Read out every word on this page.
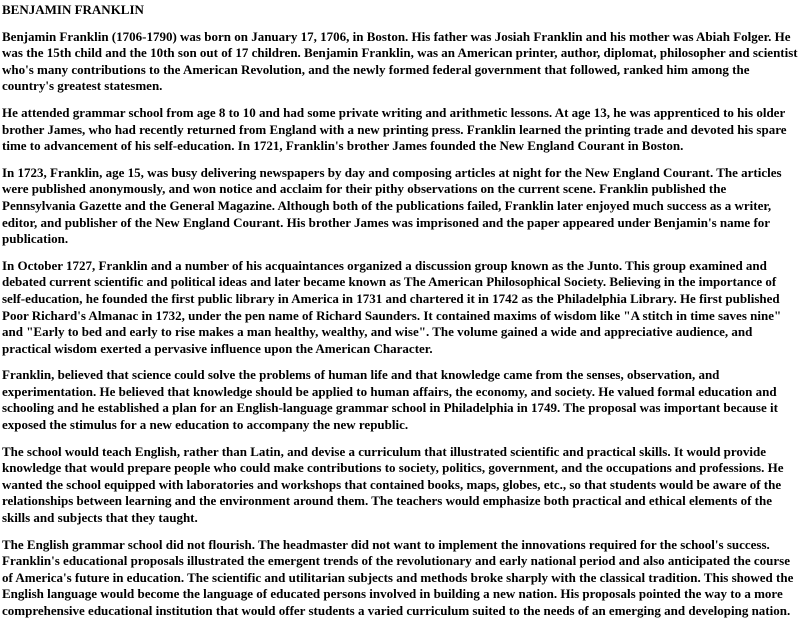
BENJAMIN FRANKLIN

Benjamin Franklin (1706-1790) was born on January 17, 1706, in Boston. His father was Josiah Franklin and his mother was Abiah Folger. He was the 15th child and the 10th son out of 17 children. Benjamin Franklin, was an American printer, author, diplomat, philosopher and scientist who's many contributions to the American Revolution, and the newly formed federal government that followed, ranked him among the country's greatest statesmen.

He attended grammar school from age 8 to 10 and had some private writing and arithmetic lessons. At age 13, he was apprenticed to his older brother James, who had recently returned from England with a new printing press. Franklin learned the printing trade and devoted his spare time to advancement of his self-education. In 1721, Franklin's brother James founded the New England Courant in Boston.

In 1723, Franklin, age 15, was busy delivering newspapers by day and composing articles at night for the New England Courant. The articles were published anonymously, and won notice and acclaim for their pithy observations on the current scene. Franklin published the Pennsylvania Gazette and the General Magazine. Although both of the publications failed, Franklin later enjoyed much success as a writer, editor, and publisher of the New England Courant. His brother James was imprisoned and the paper appeared under Benjamin's name for publication.

In October 1727, Franklin and a number of his acquaintances organized a discussion group known as the Junto. This group examined and debated current scientific and political ideas and later became known as The American Philosophical Society. Believing in the importance of self-education, he founded the first public library in America in 1731 and chartered it in 1742 as the Philadelphia Library. He first published Poor Richard's Almanac in 1732, under the pen name of Richard Saunders. It contained maxims of wisdom like "A stitch in time saves nine" and "Early to bed and early to rise makes a man healthy, wealthy, and wise". The volume gained a wide and appreciative audience, and practical wisdom exerted a pervasive influence upon the American Character.

Franklin, believed that science could solve the problems of human life and that knowledge came from the senses, observation, and experimentation. He believed that knowledge should be applied to human affairs, the economy, and society. He valued formal education and schooling and he established a plan for an English-language grammar school in Philadelphia in 1749. The proposal was important because it exposed the stimulus for a new education to accompany the new republic.

The school would teach English, rather than Latin, and devise a curriculum that illustrated scientific and practical skills. It would provide knowledge that would prepare people who could make contributions to society, politics, government, and the occupations and professions. He wanted the school equipped with laboratories and workshops that contained books, maps, globes, etc., so that students would be aware of the relationships between learning and the environment around them. The teachers would emphasize both practical and ethical elements of the skills and subjects that they taught.

The English grammar school did not flourish. The headmaster did not want to implement the innovations required for the school's success. Franklin's educational proposals illustrated the emergent trends of the revolutionary and early national period and also anticipated the course of America's future in education. The scientific and utilitarian subjects and methods broke sharply with the classical tradition. This showed the English language would become the language of educated persons involved in building a new nation. His proposals pointed the way to a more comprehensive educational institution that would offer students a varied curriculum suited to the needs of an emerging and developing nation.
